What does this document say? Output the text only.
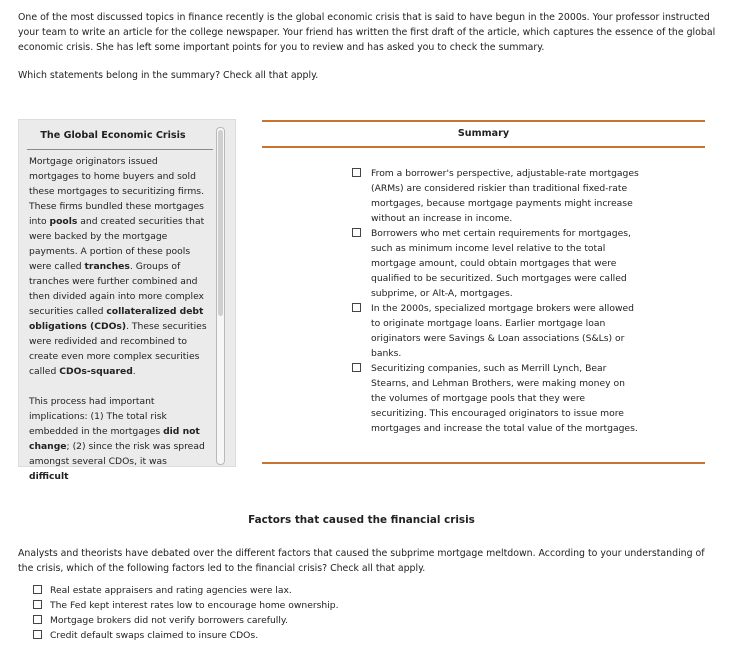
One of the most discussed topics in finance recently is the global economic crisis that is said to have begun in the 2000s. Your professor instructed your team to write an article for the college newspaper. Your friend has written the first draft of the article, which captures the essence of the global economic crisis. She has left some important points for you to review and has asked you to check the summary.
Which statements belong in the summary? Check all that apply.
The Global Economic Crisis

Mortgage originators issued mortgages to home buyers and sold these mortgages to securitizing firms. These firms bundled these mortgages into pools and created securities that were backed by the mortgage payments. A portion of these pools were called tranches. Groups of tranches were further combined and then divided again into more complex securities called collateralized debt obligations (CDOs). These securities were redivided and recombined to create even more complex securities called CDOs-squared.

This process had important implications: (1) The total risk embedded in the mortgages did not change; (2) since the risk was spread amongst several CDOs, it was difficult

Summary
From a borrower's perspective, adjustable-rate mortgages (ARMs) are considered riskier than traditional fixed-rate mortgages, because mortgage payments might increase without an increase in income.
Borrowers who met certain requirements for mortgages, such as minimum income level relative to the total mortgage amount, could obtain mortgages that were qualified to be securitized. Such mortgages were called subprime, or Alt-A, mortgages.
In the 2000s, specialized mortgage brokers were allowed to originate mortgage loans. Earlier mortgage loan originators were Savings & Loan associations (S&Ls) or banks.
Securitizing companies, such as Merrill Lynch, Bear Stearns, and Lehman Brothers, were making money on the volumes of mortgage pools that they were securitizing. This encouraged originators to issue more mortgages and increase the total value of the mortgages.
Factors that caused the financial crisis
Analysts and theorists have debated over the different factors that caused the subprime mortgage meltdown. According to your understanding of the crisis, which of the following factors led to the financial crisis? Check all that apply.
Real estate appraisers and rating agencies were lax.
The Fed kept interest rates low to encourage home ownership.
Mortgage brokers did not verify borrowers carefully.
Credit default swaps claimed to insure CDOs.
